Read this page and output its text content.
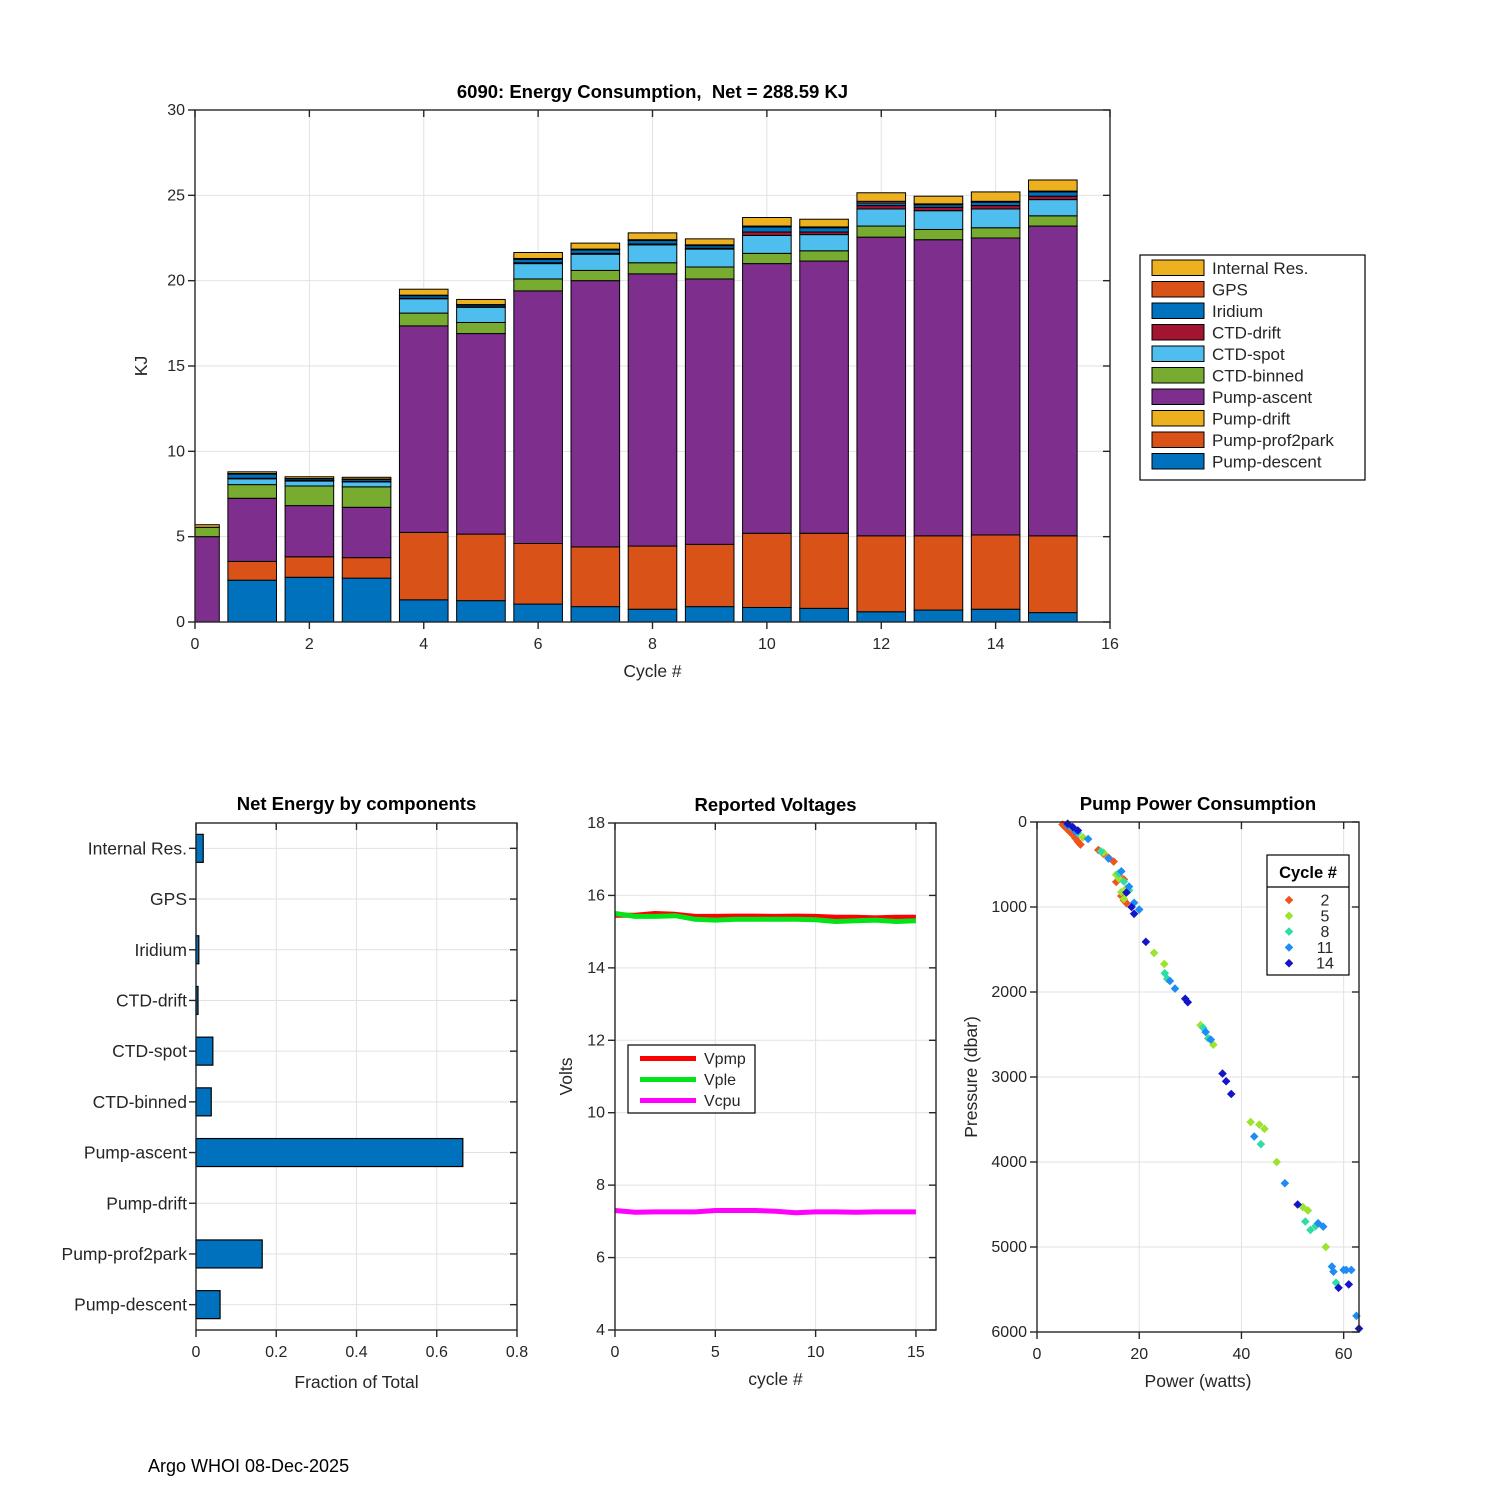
0	2	4	6	8	10	12	14	16
0
5
10
15
20
25
30
6090: Energy Consumption,  Net = 288.59 KJ
Cycle #
KJ
Internal Res.
GPS
Iridium
CTD-drift
CTD-spot
CTD-binned
Pump-ascent
Pump-drift
Pump-prof2park
Pump-descent
0	0.2	0.4	0.6	0.8
Internal Res.
GPS
Iridium
CTD-drift
CTD-spot
CTD-binned
Pump-ascent
Pump-drift
Pump-prof2park
Pump-descent
Net Energy by components
Fraction of Total
0	5	10	15
4
6
8
10
12
14
16
18
Reported Voltages
cycle #
Volts	Vpmp
Vple
Vcpu
0	20	40	60
0
1000
2000
3000
4000
5000
6000
Pump Power Consumption
Power (watts)
Pressure (dbar)
Cycle #
2
5
8
11
14
Argo WHOI 08-Dec-2025
